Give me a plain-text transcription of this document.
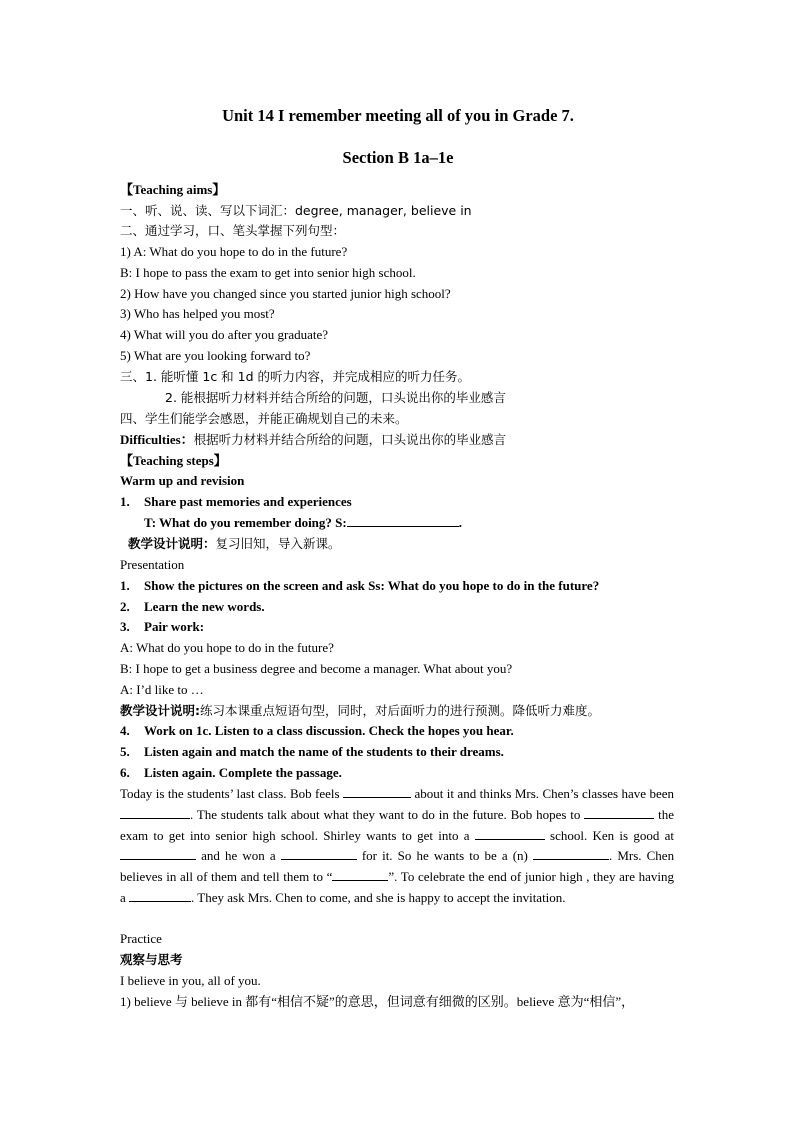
Unit 14 I remember meeting all of you in Grade 7.
Section B 1a–1e
【Teaching aims】
一、听、说、读、写以下词汇：degree, manager, believe in
二、通过学习，口、笔头掌握下列句型：
1) A: What do you hope to do in the future?
B: I hope to pass the exam to get into senior high school.
2) How have you changed since you started junior high school?
3) Who has helped you most?
4) What will you do after you graduate?
5) What are you looking forward to?
三、1. 能听懂 1c 和 1d 的听力内容，并完成相应的听力任务。
2. 能根据听力材料并结合所给的问题，口头说出你的毕业感言
四、学生们能学会感恩，并能正确规划自己的未来。
Difficulties：根据听力材料并结合所给的问题，口头说出你的毕业感言
【Teaching steps】
Warm up and revision
1. Share past memories and experiences
T: What do you remember doing? S:	.
教学设计说明：复习旧知，导入新课。
Presentation
1. Show the pictures on the screen and ask Ss: What do you hope to do in the future?
2. Learn the new words.
3. Pair work:
A: What do you hope to do in the future?
B: I hope to get a business degree and become a manager. What about you?
A: I’d like to …
教学设计说明:练习本课重点短语句型，同时，对后面听力的进行预测。降低听力难度。
4. Work on 1c. Listen to a class discussion. Check the hopes you hear.
5. Listen again and match the name of the students to their dreams.
6. Listen again. Complete the passage.
Today is the students’ last class. Bob feels	about it and thinks Mrs. Chen’s classes have been . The students talk about what they want to do in the future. Bob hopes to	the exam to get into senior high school. Shirley wants to get into a	school. Ken is good at  and he won a	for it. So he wants to be a (n)	. Mrs. Chen believes in all of them and tell them to “	”. To celebrate the end of junior high , they are having a	. They ask Mrs. Chen to come, and she is happy to accept the invitation.
Practice
观察与思考
I believe in you, all of you.
1) believe 与 believe in 都有“相信不疑”的意思，但词意有细微的区别。believe 意为“相信”，
